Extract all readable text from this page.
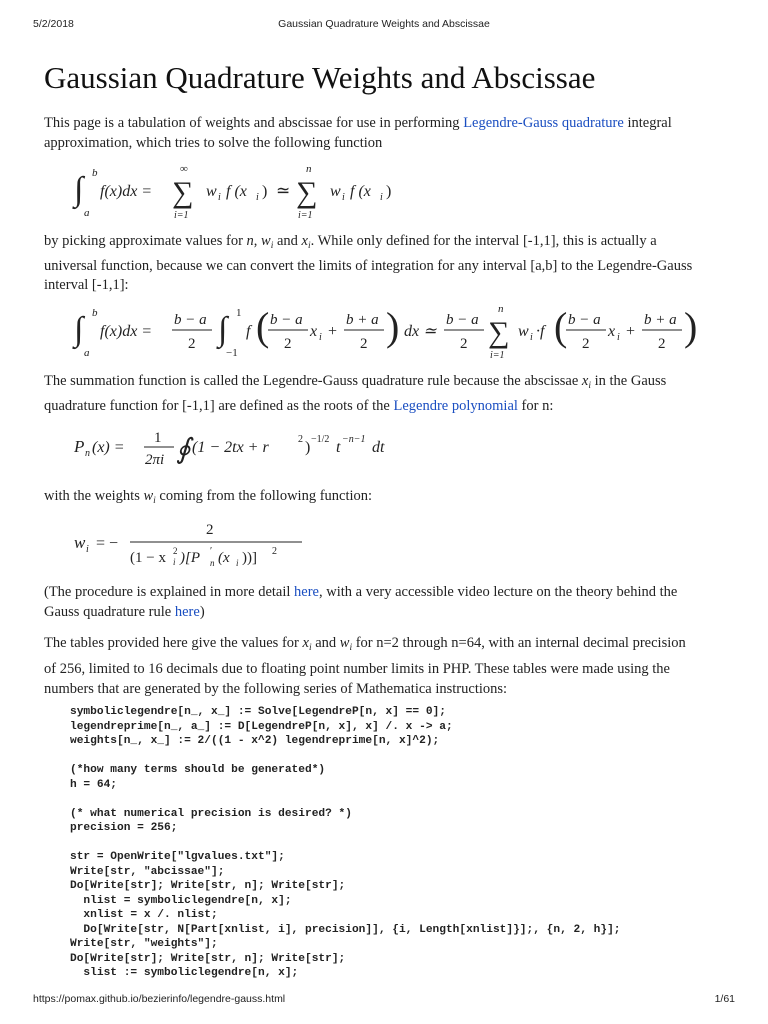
5/2/2018	Gaussian Quadrature Weights and Abscissae
Gaussian Quadrature Weights and Abscissae

This page is a tabulation of weights and abscissae for use in performing Legendre-Gauss quadrature integral
approximation, which tries to solve the following function

∫ b
a
f(x)dx = ∑
∞
i=1
w i f (x i ) ≃ ∑
n
i=1
w i f (x i )

by picking approximate values for n, $w_i$ and $x_i$. While only defined for the interval [-1,1], this is actually a
universal function, because we can convert the limits of integration for any interval [a,b] to the Legendre-Gauss
interval [-1,1]:

∫ b
a
f(x)dx =
b − a
2 ∫ 1
−1
f ( b − a
2
x i +
b + a
2 ) dx ≃
b − a
2 ∑
n
i=1
w i ·f ( b − a
2
x i +
b + a
2 )

The summation function is called the Legendre-Gauss quadrature rule because the abscissae $x_i$ in the Gauss
quadrature function for [-1,1] are defined as the roots of the Legendre polynomial for n:

P n (x) =
1
2πi ∮ (1 − 2tx + r	2 ) −1/2 t −n−1 dt

with the weights $w_i$ coming from the following function:

w i = −
2
(1 − x 2
i )[P ′
n (x i ))] 2

(The procedure is explained in more detail here, with a very accessible video lecture on the theory behind the
Gauss quadrature rule here)

The tables provided here give the values for $x_i$ and $w_i$ for n=2 through n=64, with an internal decimal precision
of 256, limited to 16 decimals due to floating point number limits in PHP. These tables were made using the
numbers that are generated by the following series of Mathematica instructions:

symboliclegendre[n_, x_] := Solve[LegendreP[n, x] == 0];
legendreprime[n_, a_] := D[LegendreP[n, x], x] /. x -> a;
weights[n_, x_] := 2/((1 - x^2) legendreprime[n, x]^2);

(*how many terms should be generated*)
h = 64;

(* what numerical precision is desired? *)
precision = 256;

str = OpenWrite["lgvalues.txt"];
Write[str, "abcissae"];
Do[Write[str]; Write[str, n]; Write[str];
nlist = symboliclegendre[n, x];
xnlist = x /. nlist;
Do[Write[str, N[Part[xnlist, i], precision]], {i, Length[xnlist]}];, {n, 2, h}];
Write[str, "weights"];
Do[Write[str]; Write[str, n]; Write[str];
slist := symboliclegendre[n, x];
https://pomax.github.io/bezierinfo/legendre-gauss.html	1/61
